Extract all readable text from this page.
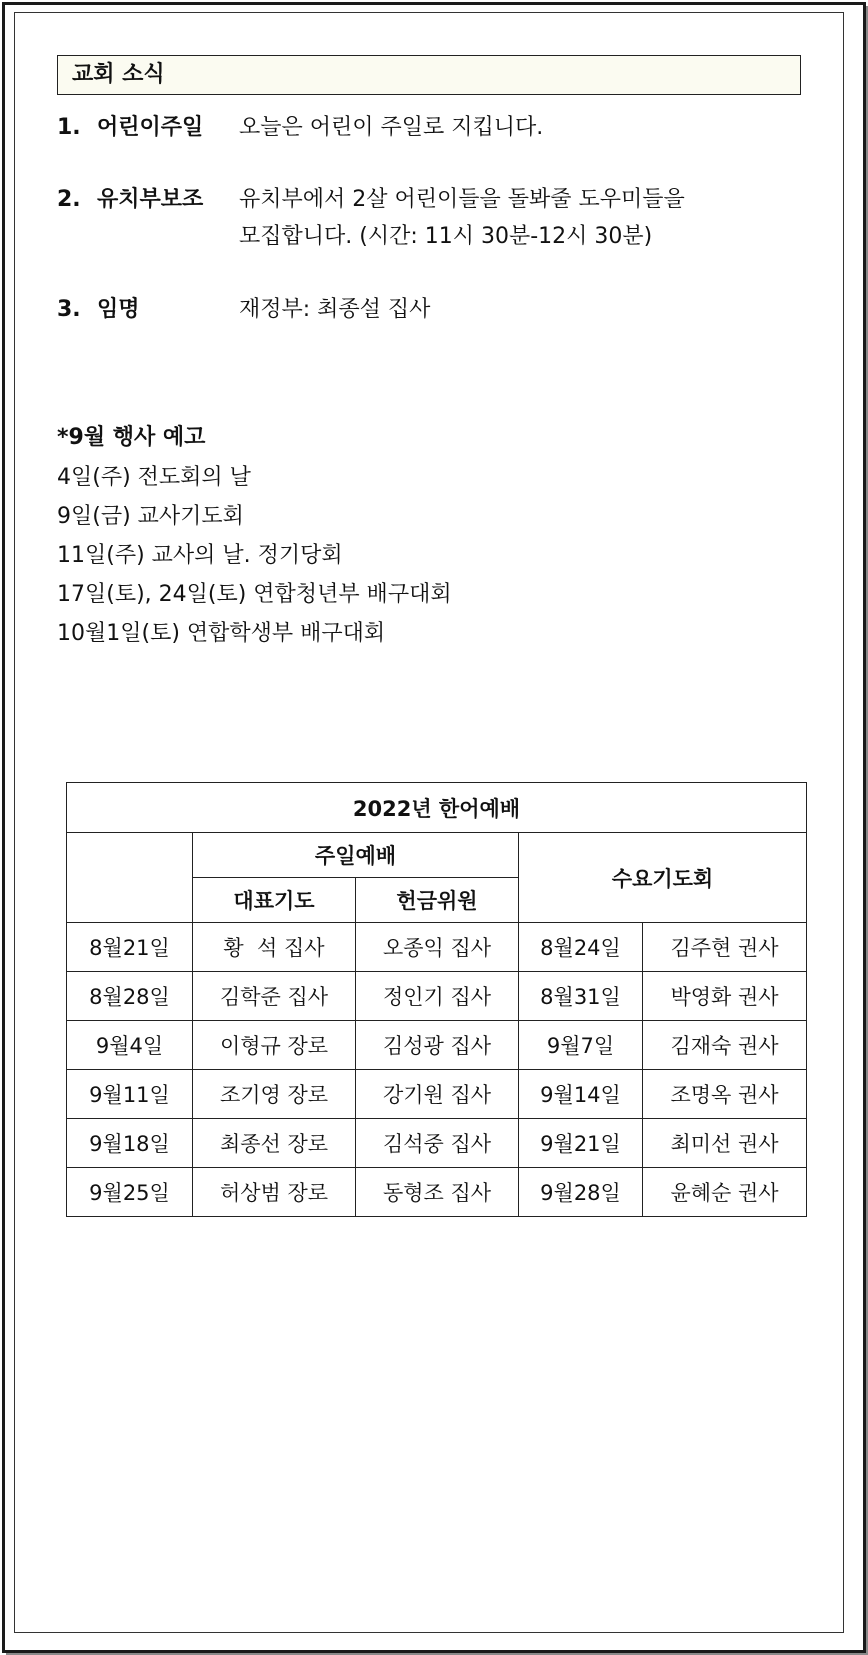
교회 소식
1. 어린이주일 오늘은 어린이 주일로 지킵니다.
2. 유치부보조 유치부에서 2살 어린이들을 돌봐줄 도우미들을
모집합니다. (시간: 11시 30분-12시 30분)
3. 임명	재정부: 최종설 집사
*9월 행사 예고
4일(주) 전도회의 날
9일(금) 교사기도회
11일(주) 교사의 날. 정기당회
17일(토), 24일(토) 연합청년부 배구대회
10월1일(토) 연합학생부 배구대회
2022년 한어예배				
	주일예배		수요기도회	
	대표기도	헌금위원		
8월21일	황  석 집사	오종익 집사	8월24일	김주현 권사
8월28일	김학준 집사	정인기 집사	8월31일	박영화 권사
9월4일	이형규 장로	김성광 집사	9월7일	김재숙 권사
9월11일	조기영 장로	강기원 집사	9월14일	조명옥 권사
9월18일	최종선 장로	김석중 집사	9월21일	최미선 권사
9월25일	허상범 장로	동형조 집사	9월28일	윤혜순 권사
